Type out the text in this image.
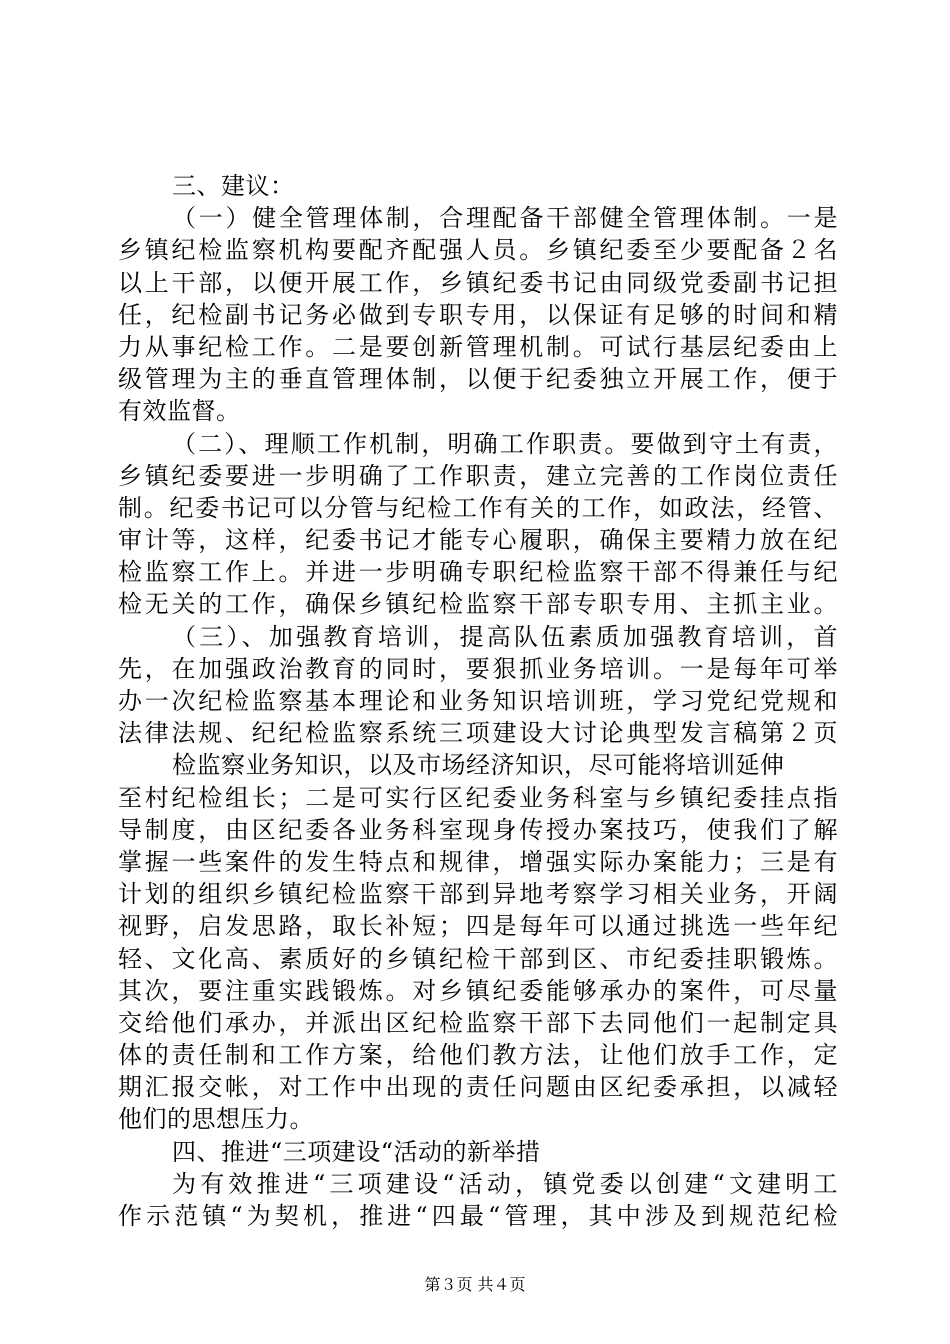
三、建议：
（一）健全管理体制，合理配备干部健全管理体制。一是
乡镇纪检监察机构要配齐配强人员。乡镇纪委至少要配备２名
以上干部，以便开展工作，乡镇纪委书记由同级党委副书记担
任，纪检副书记务必做到专职专用，以保证有足够的时间和精
力从事纪检工作。二是要创新管理机制。可试行基层纪委由上
级管理为主的垂直管理体制，以便于纪委独立开展工作，便于
有效监督。
（二）、理顺工作机制，明确工作职责。要做到守土有责，
乡镇纪委要进一步明确了工作职责，建立完善的工作岗位责任
制。纪委书记可以分管与纪检工作有关的工作，如政法，经管、
审计等，这样，纪委书记才能专心履职，确保主要精力放在纪
检监察工作上。并进一步明确专职纪检监察干部不得兼任与纪
检无关的工作，确保乡镇纪检监察干部专职专用、主抓主业。
（三）、加强教育培训，提高队伍素质加强教育培训，首
先，在加强政治教育的同时，要狠抓业务培训。一是每年可举
办一次纪检监察基本理论和业务知识培训班，学习党纪党规和
法律法规、纪纪检监察系统三项建设大讨论典型发言稿第２页
检监察业务知识，以及市场经济知识，尽可能将培训延伸
至村纪检组长；二是可实行区纪委业务科室与乡镇纪委挂点指
导制度，由区纪委各业务科室现身传授办案技巧，使我们了解
掌握一些案件的发生特点和规律，增强实际办案能力；三是有
计划的组织乡镇纪检监察干部到异地考察学习相关业务，开阔
视野，启发思路，取长补短；四是每年可以通过挑选一些年纪
轻、文化高、素质好的乡镇纪检干部到区、市纪委挂职锻炼。
其次，要注重实践锻炼。对乡镇纪委能够承办的案件，可尽量
交给他们承办，并派出区纪检监察干部下去同他们一起制定具
体的责任制和工作方案，给他们教方法，让他们放手工作，定
期汇报交帐，对工作中出现的责任问题由区纪委承担，以减轻
他们的思想压力。
四、推进“三项建设“活动的新举措
为有效推进“三项建设“活动，镇党委以创建“文建明工
作示范镇“为契机，推进“四最“管理，其中涉及到规范纪检
第３页 共４页
